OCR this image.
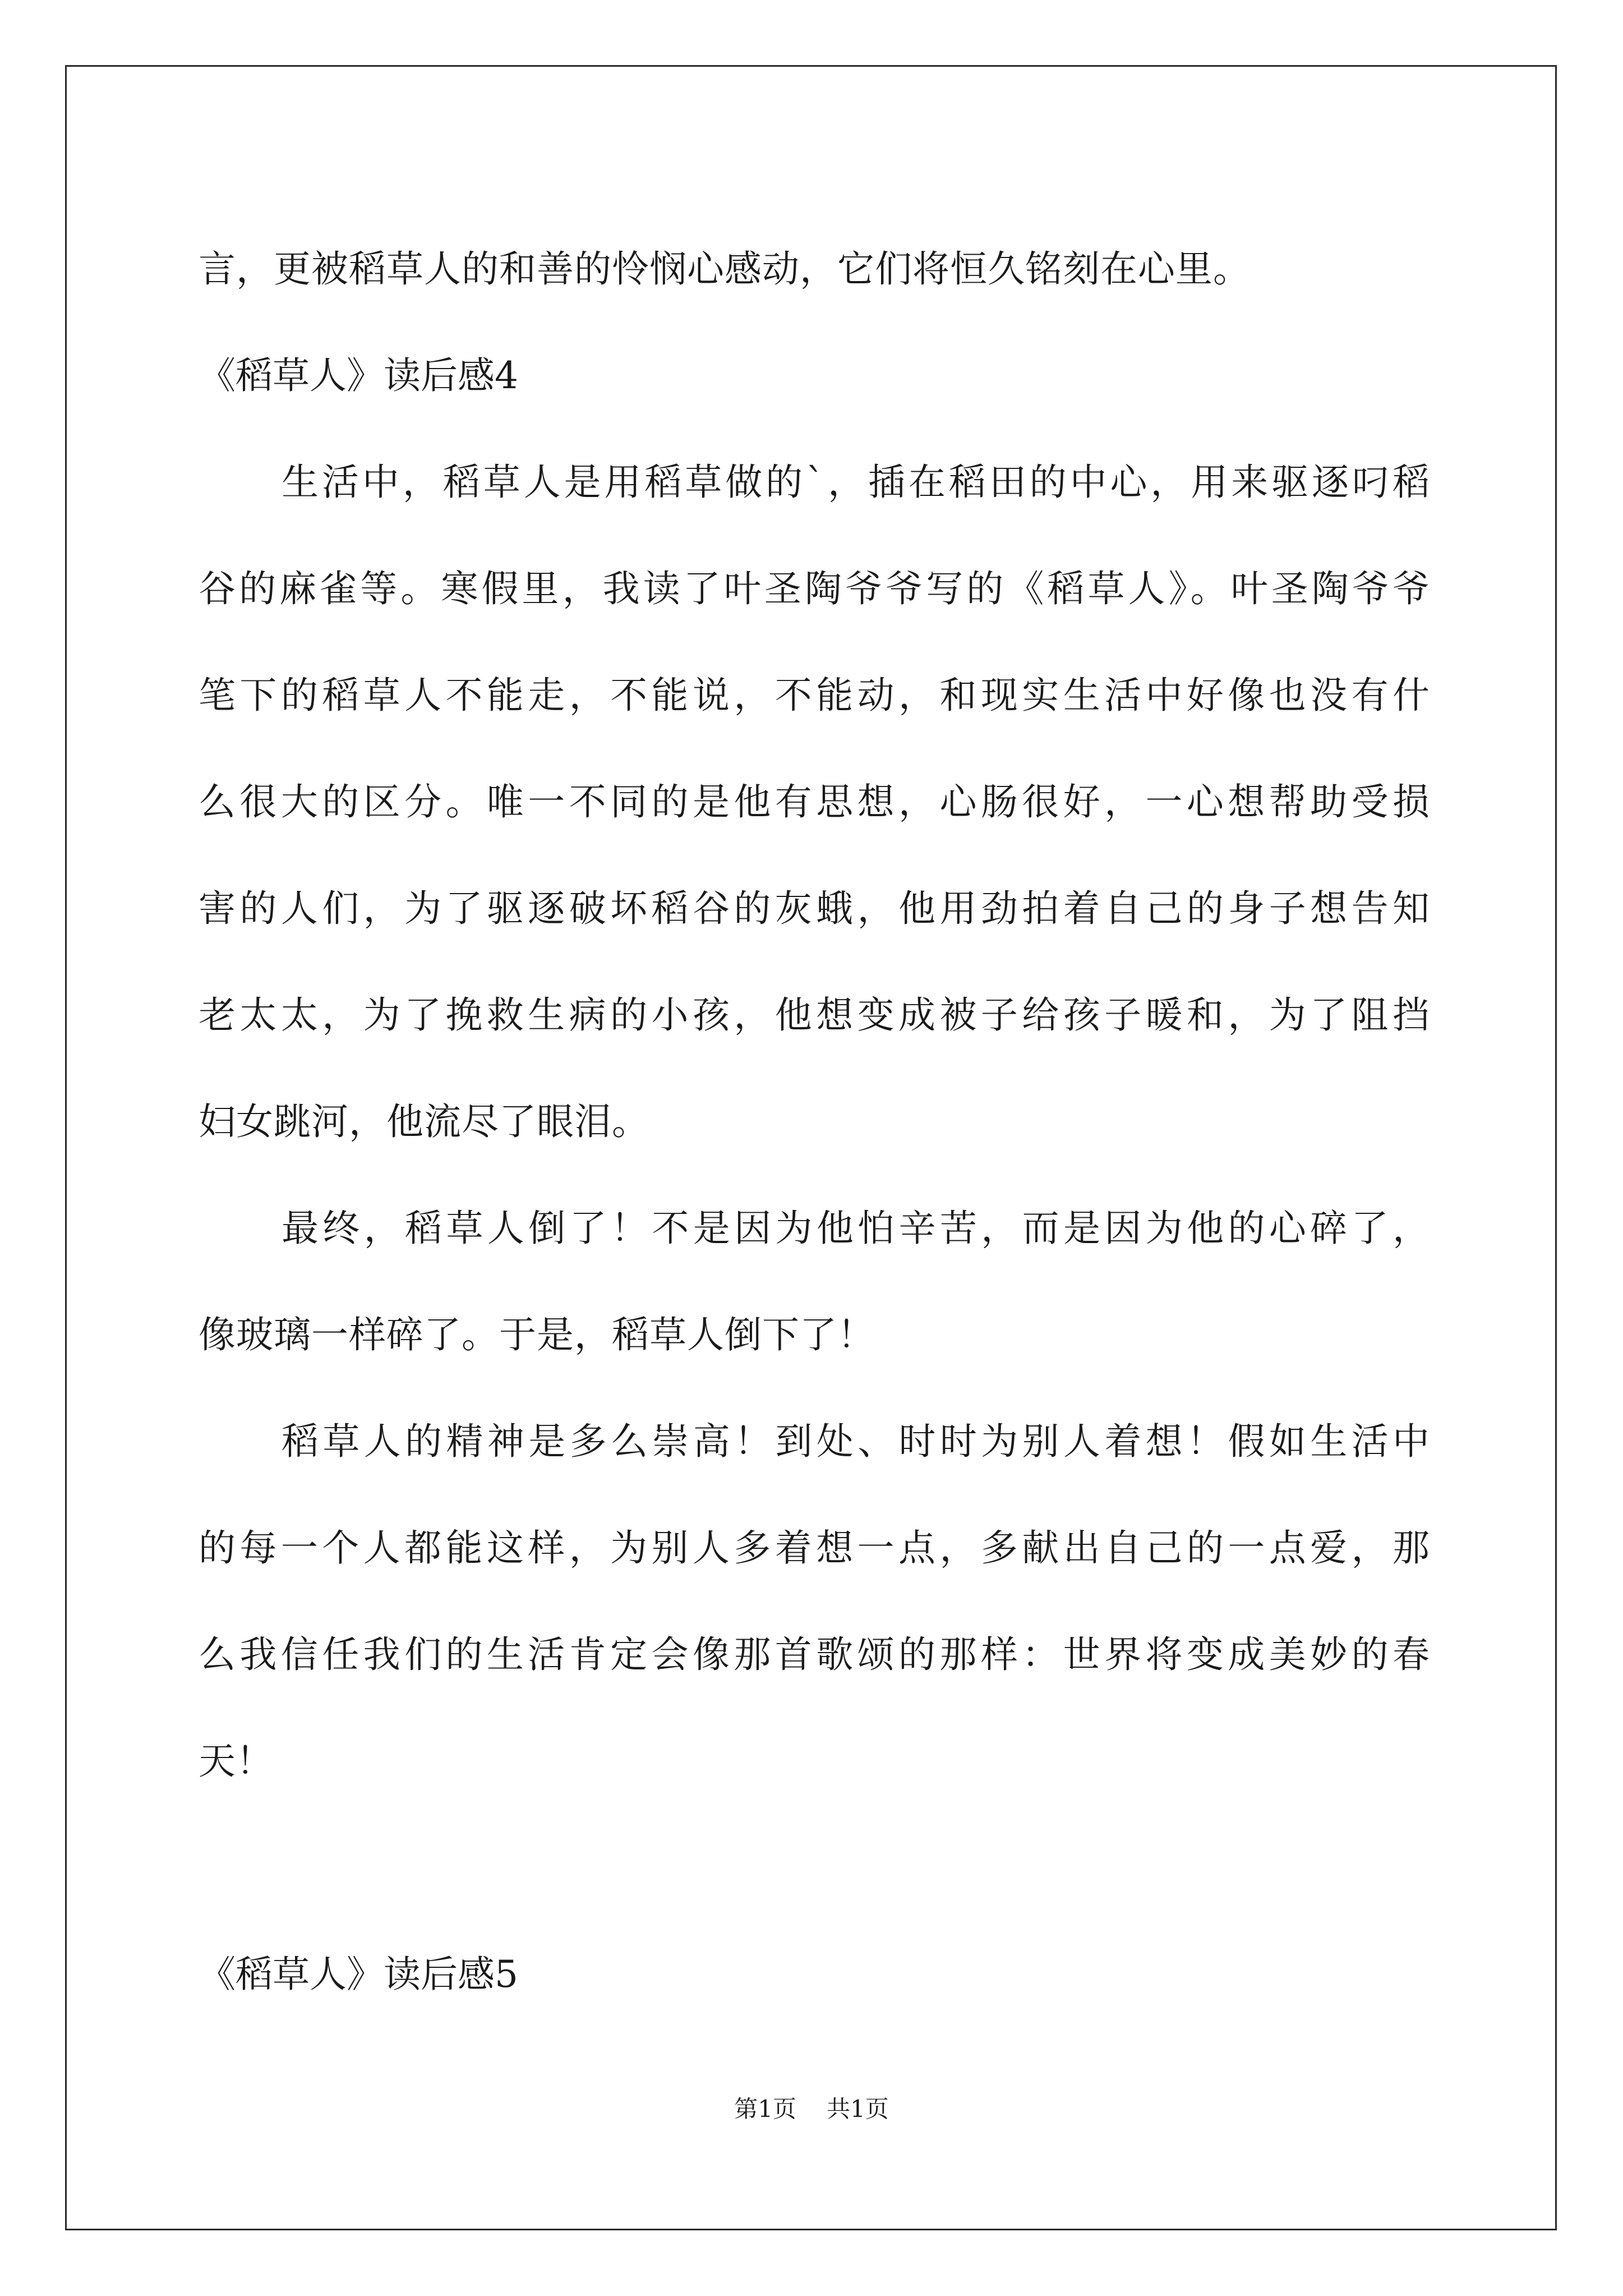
言，更被稻草人的和善的怜悯心感动，它们将恒久铭刻在心里。
《稻草人》读后感4
生活中，稻草人是用稻草做的`，插在稻田的中心，用来驱逐叼稻
谷的麻雀等。寒假里，我读了叶圣陶爷爷写的《稻草人》。叶圣陶爷爷
笔下的稻草人不能走，不能说，不能动，和现实生活中好像也没有什
么很大的区分。唯一不同的是他有思想，心肠很好，一心想帮助受损
害的人们，为了驱逐破坏稻谷的灰蛾，他用劲拍着自己的身子想告知
老太太，为了挽救生病的小孩，他想变成被子给孩子暖和，为了阻挡
妇女跳河，他流尽了眼泪。
最终，稻草人倒了！不是因为他怕辛苦，而是因为他的心碎了，
像玻璃一样碎了。于是，稻草人倒下了！
稻草人的精神是多么崇高！到处、时时为别人着想！假如生活中
的每一个人都能这样，为别人多着想一点，多献出自己的一点爱，那
么我信任我们的生活肯定会像那首歌颂的那样：世界将变成美妙的春
天！
《稻草人》读后感5
第1页 共1页
